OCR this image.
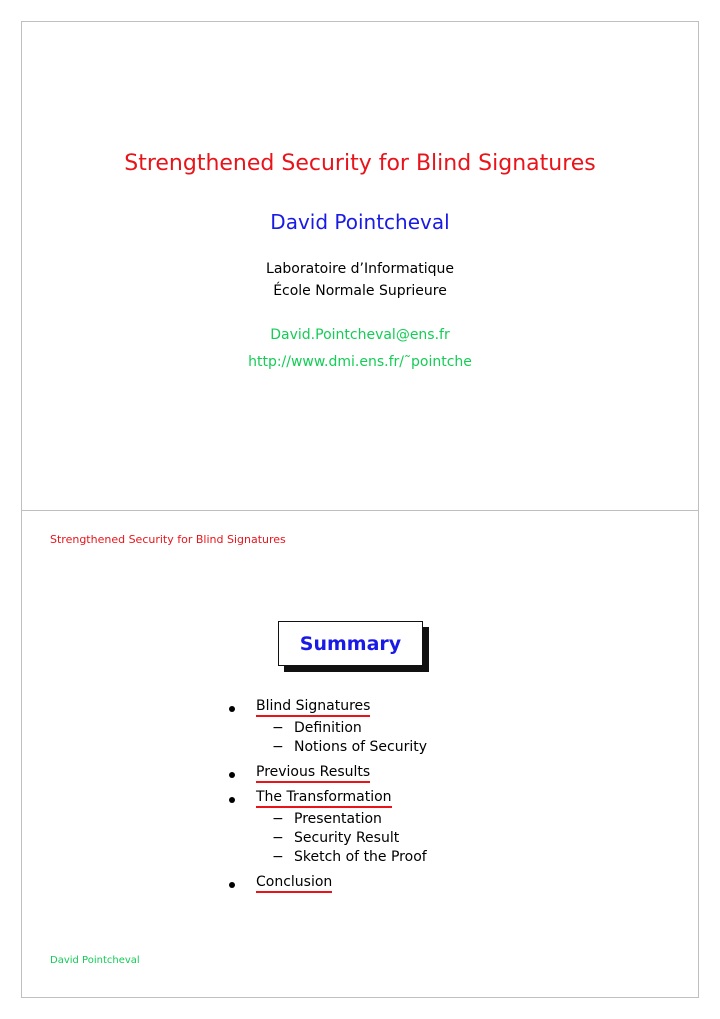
Strengthened Security for Blind Signatures
David Pointcheval
Laboratoire d’Informatique
École Normale Suprieure
David.Pointcheval@ens.fr
http://www.dmi.ens.fr/˜pointche
Strengthened Security for Blind Signatures
Summary
Blind Signatures
− Definition
− Notions of Security
Previous Results
The Transformation
− Presentation
− Security Result
− Sketch of the Proof
Conclusion
David Pointcheval
